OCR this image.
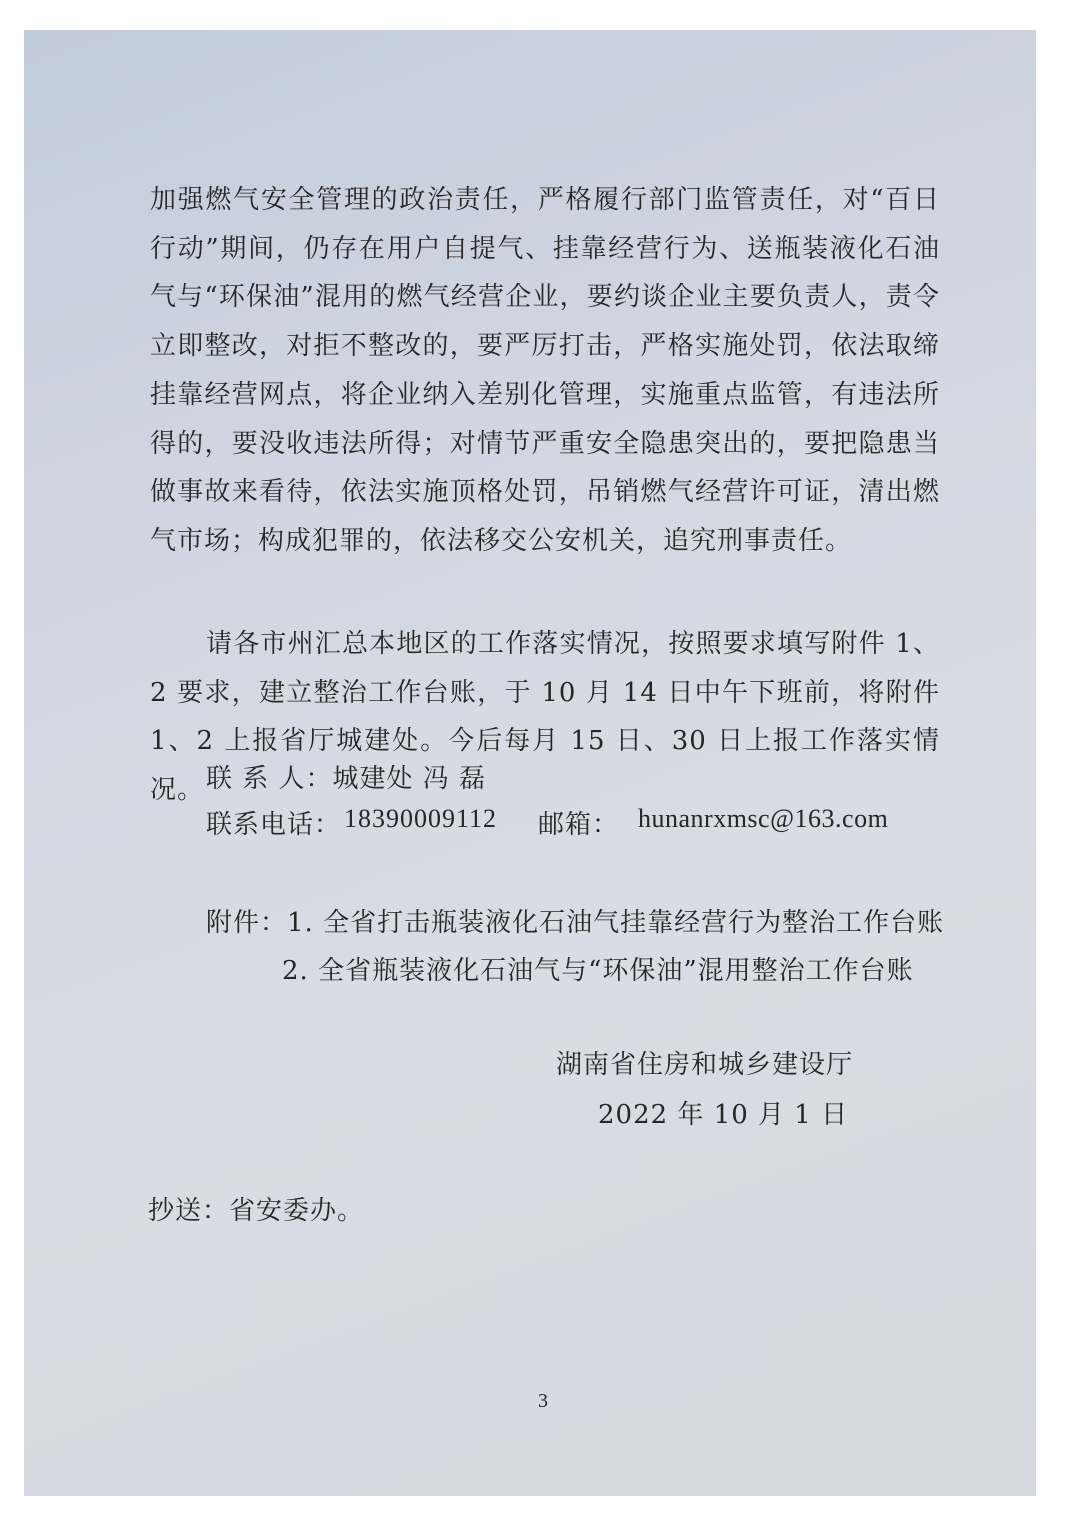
加强燃气安全管理的政治责任，严格履行部门监管责任，对“百日行动”期间，仍存在用户自提气、挂靠经营行为、送瓶装液化石油气与“环保油”混用的燃气经营企业，要约谈企业主要负责人，责令立即整改，对拒不整改的，要严厉打击，严格实施处罚，依法取缔挂靠经营网点，将企业纳入差别化管理，实施重点监管，有违法所得的，要没收违法所得；对情节严重安全隐患突出的，要把隐患当做事故来看待，依法实施顶格处罚，吊销燃气经营许可证，清出燃气市场；构成犯罪的，依法移交公安机关，追究刑事责任。
请各市州汇总本地区的工作落实情况，按照要求填写附件 1、2 要求，建立整治工作台账，于 10 月 14 日中午下班前，将附件 1、2 上报省厅城建处。今后每月 15 日、30 日上报工作落实情况。 联 系 人：城建处 冯 磊
联系电话： 18390009112 邮箱： hunanrxmsc@163.com
附件：1. 全省打击瓶装液化石油气挂靠经营行为整治工作台账
2. 全省瓶装液化石油气与“环保油”混用整治工作台账
湖南省住房和城乡建设厅
2022 年 10 月 1 日
抄送：省安委办。
3
